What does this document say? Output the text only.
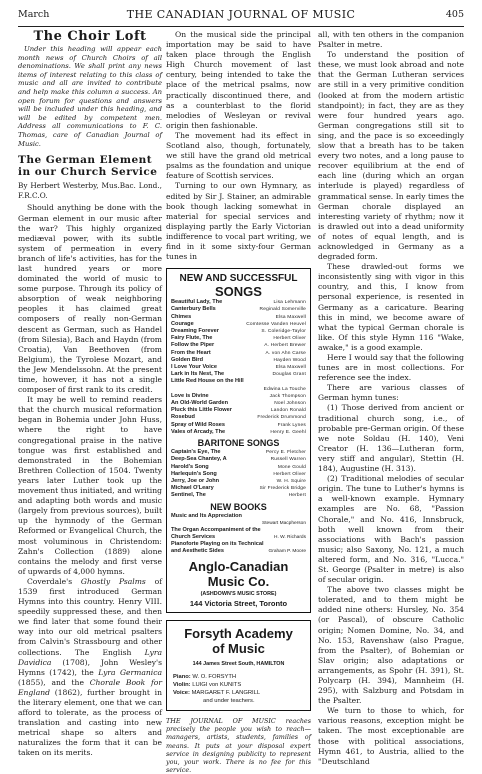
March	THE CANADIAN JOURNAL OF MUSIC	405
The Choir Loft

Under this heading will appear each month news of Church Choirs of all denominations. We shall print any news items of interest relating to this class of music and all are invited to contribute and help make this column a success. An open forum for questions and answers will be included under this heading, and will be edited by competent men. Address all communications to F. C. Thomas, care of Canadian Journal of Music.

The German Element in our Church Service

By Herbert Westerby, Mus.Bac. Lond., F.R.C.O.

Should anything be done with the German element in our music after the war? This highly organized mediæval power, with its subtle system of permeation in every branch of life's activities, has for the last hundred years or more dominated the world of music to some purpose. Through its policy of absorption of weak neighboring peoples it has claimed great composers of really non-German descent as German, such as Handel (from Silesia), Bach and Haydn (from Croatia), Van Beethoven (from Belgium), the Tyrolese Mozart, and the Jew Mendelssohn. At the present time, however, it has not a single composer of first rank to its credit.

It may be well to remind readers that the church musical reformation began in Bohemia under John Huss, where the right to have congregational praise in the native tongue was first established and demonstrated in the Bohemian Brethren Collection of 1504. Twenty years later Luther took up the movement thus initiated, and writing and adapting both words and music (largely from previous sources), built up the hymnody of the German Reformed or Evangelical Church, the most voluminous in Christendom: Zahn's Collection (1889) alone contains the melody and first verse of upwards of 4,000 hymns.

Coverdale's Ghostly Psalms of 1539 first introduced German Hymns into this country. Henry VIII. speedily suppressed these, and then we find later that some found their way into our old metrical psalters from Calvin's Strassbourg and other collections. The English Lyra Davidica (1708), John Wesley's Hymns (1742), the Lyra Germanica (1855), and the Chorale Book for England (1862), further brought in the literary element, one that we can afford to tolerate, as the process of translation and casting into new metrical shape so alters and naturalizes the form that it can be taken on its merits.

On the musical side the principal importation may be said to have taken place through the English High Church movement of last century, being intended to take the place of the metrical psalms, now practically discontinued there, and as a counterblast to the florid melodies of Wesleyan or revival origin then fashionable.

The movement had its effect in Scotland also, though, fortunately, we still have the grand old metrical psalms as the foundation and unique feature of Scottish services.

Turning to our own Hymnary, as edited by Sir J. Stainer, an admirable book though lacking somewhat in material for special services and displaying partly the Early Victorian indifference to vocal part writing, we find in it some sixty-four German tunes in

NEW AND SUCCESSFUL
SONGS
Beautiful Lady, The	Lisa Lehmann
Canterbury Bells	Reginald Somerville
Chimes	Elsa Maxwell
Courage	Comtesse Vanden Heuvel
Dreaming Forever	S. Coleridge-Taylor
Fairy Flute, The	Herbert Oliver
Follow the Piper	A. Herbert Brewer
From the Heart	A. von Ahn Carse
Golden Bird	Hayden Wood
I Love Your Voice	Elsa Maxwell
Lark in Its Nest, The	Douglas Grant
Little Red House on the Hill
Edwina La Touche
Love is Divine	Jack Thompson
An Old-World Garden	Noel Johnson
Pluck this Little Flower	Landon Ronald
Rosebud	Frederick Drummond
Spray of Wild Roses	Frank Lynes
Vales of Arcady, The	Henry E. Geehl
BARITONE SONGS
Captain's Eye, The	Percy E. Fletcher
Deep-Sea Chantey, A	Russell Warren
Harold's Song	Mone Gould
Harlequin's Song	Herbert Oliver
Jerry, Joe or John	W. H. Squire
Michael O'Leary	Sir Frederick Bridge
Sentinel, The	Herbert
NEW BOOKS
Music and Its Appreciation
Stewart Macpherson
The Organ Accompaniment of the
Church Services	H. W. Richards
Pianoforte Playing on its Technical
and Aesthetic Sides	Graham P. Moore
Anglo-Canadian Music Co.
(ASHDOWN'S MUSIC STORE)
144 Victoria Street, Toronto
Forsyth Academy
of Music
144 James Street South, HAMILTON
Piano: W. O. FORSYTH
Violin: LUIGI von KUNITS
Voice: MARGARET F. LANGRILL
and under teachers.

THE JOURNAL OF MUSIC reaches precisely the people you wish to reach—managers, artists, students, families of means. It puts at your disposal expert service in designing publicity to represent you, your work. There is no fee for this service.

all, with ten others in the companion Psalter in metre.

To understand the position of these, we must look abroad and note that the German Lutheran services are still in a very primitive condition (looked at from the modern artistic standpoint); in fact, they are as they were four hundred years ago. German congregations still sit to sing, and the pace is so exceedingly slow that a breath has to be taken every two notes, and a long pause to recover equilibrium at the end of each line (during which an organ interlude is played) regardless of grammatical sense. In early times the German chorale displayed an interesting variety of rhythm; now it is drawled out into a dead uniformity of notes of equal length, and is acknowledged in Germany as a degraded form.

These drawled-out forms we inconsistently sing with vigor in this country, and this, I know from personal experience, is resented in Germany as a caricature. Bearing this in mind, we become aware of what the typical German chorale is like. Of this style Hymn 116 "Wake, awake," is a good example.

Here I would say that the following tunes are in most collections. For reference see the index.

There are various classes of German hymn tunes:

(1) Those derived from ancient or traditional church song, i.e., of probable pre-German origin. Of these we note Soldau (H. 140), Veni Creator (H. 136—Lutheran form, very stiff and angular), Stettin (H. 184), Augustine (H. 313).

(2) Traditional melodies of secular origin. The tune to Luther's hymns is a well-known example. Hymnary examples are No. 68, "Passion Chorale," and No. 416, Innsbruck, both well known from their associations with Bach's passion music; also Saxony, No. 121, a much altered form, and No. 316, "Lucca." St. George (Psalter in metre) is also of secular origin.

The above two classes might be tolerated, and to them might be added nine others: Hursley, No. 354 (or Pascal), of obscure Catholic origin; Nomen Domine, No. 34, and No. 153, Ravenshaw (also Prague, from the Psalter), of Bohemian or Slav origin; also adaptations or arrangements, as Spohr (H. 391), St. Polycarp (H. 394), Mannheim (H. 295), with Salzburg and Potsdam in the Psalter.

We turn to those to which, for various reasons, exception might be taken. The most exceptionable are those with political associations, Hymn 461, to Austria, allied to the "Deutschland
